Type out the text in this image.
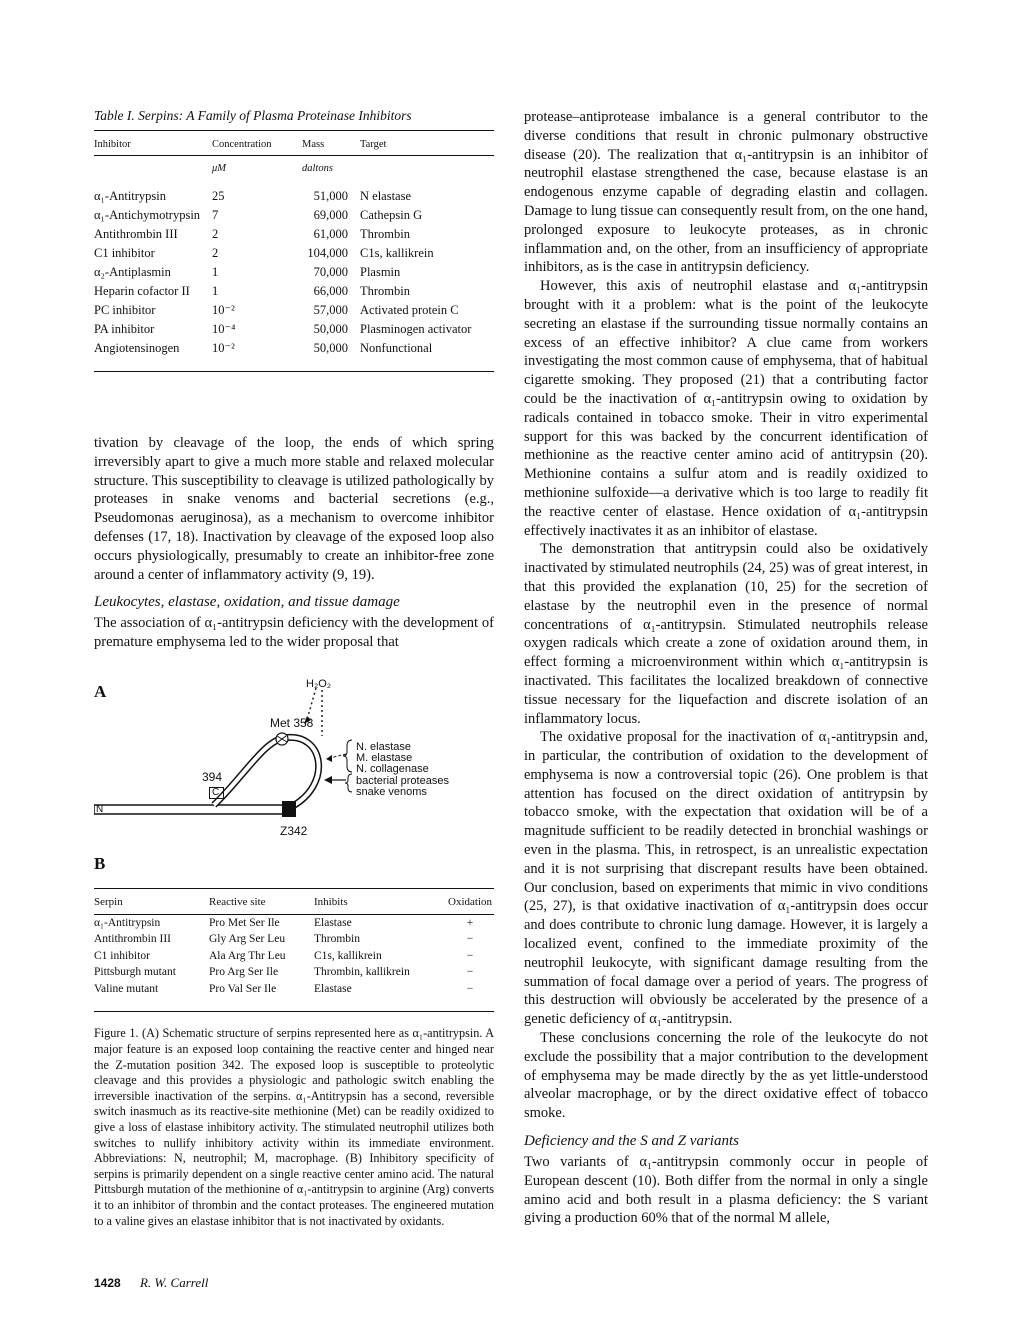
Table I. Serpins: A Family of Plasma Proteinase Inhibitors

Inhibitor	Concentration	Mass	Target
	μM	daltons	
α₁-Antitrypsin	25	51,000	N elastase
α₁-Antichymotrypsin	7	69,000	Cathepsin G
Antithrombin III	2	61,000	Thrombin
C1 inhibitor	2	104,000	C1s, kallikrein
α₂-Antiplasmin	1	70,000	Plasmin
Heparin cofactor II	1	66,000	Thrombin
PC inhibitor	10⁻²	57,000	Activated protein C
PA inhibitor	10⁻⁴	50,000	Plasminogen activator
Angiotensinogen	10⁻²	50,000	Nonfunctional

tivation by cleavage of the loop, the ends of which spring irreversibly apart to give a much more stable and relaxed molecular structure. This susceptibility to cleavage is utilized pathologically by proteases in snake venoms and bacterial secretions (e.g., Pseudomonas aeruginosa), as a mechanism to overcome inhibitor defenses (17, 18). Inactivation by cleavage of the exposed loop also occurs physiologically, presumably to create an inhibitor-free zone around a center of inflammatory activity (9, 19).

Leukocytes, elastase, oxidation, and tissue damage

The association of α₁-antitrypsin deficiency with the development of premature emphysema led to the wider proposal that

A	H₂O₂
Met 358
394
C
N
Z342
N. elastase
M. elastase
N. collagenase
bacterial proteases
snake venoms
B
Serpin	Reactive site	Inhibits	Oxidation
α₁-Antitrypsin	Pro Met Ser Ile	Elastase	+
Antithrombin III	Gly Arg Ser Leu	Thrombin	−
C1 inhibitor	Ala Arg Thr Leu	C1s, kallikrein	−
Pittsburgh mutant	Pro Arg Ser Ile	Thrombin, kallikrein	−
Valine mutant	Pro Val Ser Ile	Elastase	−

Figure 1. (A) Schematic structure of serpins represented here as α₁-antitrypsin. A major feature is an exposed loop containing the reactive center and hinged near the Z-mutation position 342. The exposed loop is susceptible to proteolytic cleavage and this provides a physiologic and pathologic switch enabling the irreversible inactivation of the serpins. α₁-Antitrypsin has a second, reversible switch inasmuch as its reactive-site methionine (Met) can be readily oxidized to give a loss of elastase inhibitory activity. The stimulated neutrophil utilizes both switches to nullify inhibitory activity within its immediate environment. Abbreviations: N, neutrophil; M, macrophage. (B) Inhibitory specificity of serpins is primarily dependent on a single reactive center amino acid. The natural Pittsburgh mutation of the methionine of α₁-antitrypsin to arginine (Arg) converts it to an inhibitor of thrombin and the contact proteases. The engineered mutation to a valine gives an elastase inhibitor that is not inactivated by oxidants.

protease–antiprotease imbalance is a general contributor to the diverse conditions that result in chronic pulmonary obstructive disease (20). The realization that α₁-antitrypsin is an inhibitor of neutrophil elastase strengthened the case, because elastase is an endogenous enzyme capable of degrading elastin and collagen. Damage to lung tissue can consequently result from, on the one hand, prolonged exposure to leukocyte proteases, as in chronic inflammation and, on the other, from an insufficiency of appropriate inhibitors, as is the case in antitrypsin deficiency.

However, this axis of neutrophil elastase and α₁-antitrypsin brought with it a problem: what is the point of the leukocyte secreting an elastase if the surrounding tissue normally contains an excess of an effective inhibitor? A clue came from workers investigating the most common cause of emphysema, that of habitual cigarette smoking. They proposed (21) that a contributing factor could be the inactivation of α₁-antitrypsin owing to oxidation by radicals contained in tobacco smoke. Their in vitro experimental support for this was backed by the concurrent identification of methionine as the reactive center amino acid of antitrypsin (20). Methionine contains a sulfur atom and is readily oxidized to methionine sulfoxide—a derivative which is too large to readily fit the reactive center of elastase. Hence oxidation of α₁-antitrypsin effectively inactivates it as an inhibitor of elastase.

The demonstration that antitrypsin could also be oxidatively inactivated by stimulated neutrophils (24, 25) was of great interest, in that this provided the explanation (10, 25) for the secretion of elastase by the neutrophil even in the presence of normal concentrations of α₁-antitrypsin. Stimulated neutrophils release oxygen radicals which create a zone of oxidation around them, in effect forming a microenvironment within which α₁-antitrypsin is inactivated. This facilitates the localized breakdown of connective tissue necessary for the liquefaction and discrete isolation of an inflammatory locus.

The oxidative proposal for the inactivation of α₁-antitrypsin and, in particular, the contribution of oxidation to the development of emphysema is now a controversial topic (26). One problem is that attention has focused on the direct oxidation of antitrypsin by tobacco smoke, with the expectation that oxidation will be of a magnitude sufficient to be readily detected in bronchial washings or even in the plasma. This, in retrospect, is an unrealistic expectation and it is not surprising that discrepant results have been obtained. Our conclusion, based on experiments that mimic in vivo conditions (25, 27), is that oxidative inactivation of α₁-antitrypsin does occur and does contribute to chronic lung damage. However, it is largely a localized event, confined to the immediate proximity of the neutrophil leukocyte, with significant damage resulting from the summation of focal damage over a period of years. The progress of this destruction will obviously be accelerated by the presence of a genetic deficiency of α₁-antitrypsin.

These conclusions concerning the role of the leukocyte do not exclude the possibility that a major contribution to the development of emphysema may be made directly by the as yet little-understood alveolar macrophage, or by the direct oxidative effect of tobacco smoke.

Deficiency and the S and Z variants

Two variants of α₁-antitrypsin commonly occur in people of European descent (10). Both differ from the normal in only a single amino acid and both result in a plasma deficiency: the S variant giving a production 60% that of the normal M allele,

1428 R. W. Carrell
